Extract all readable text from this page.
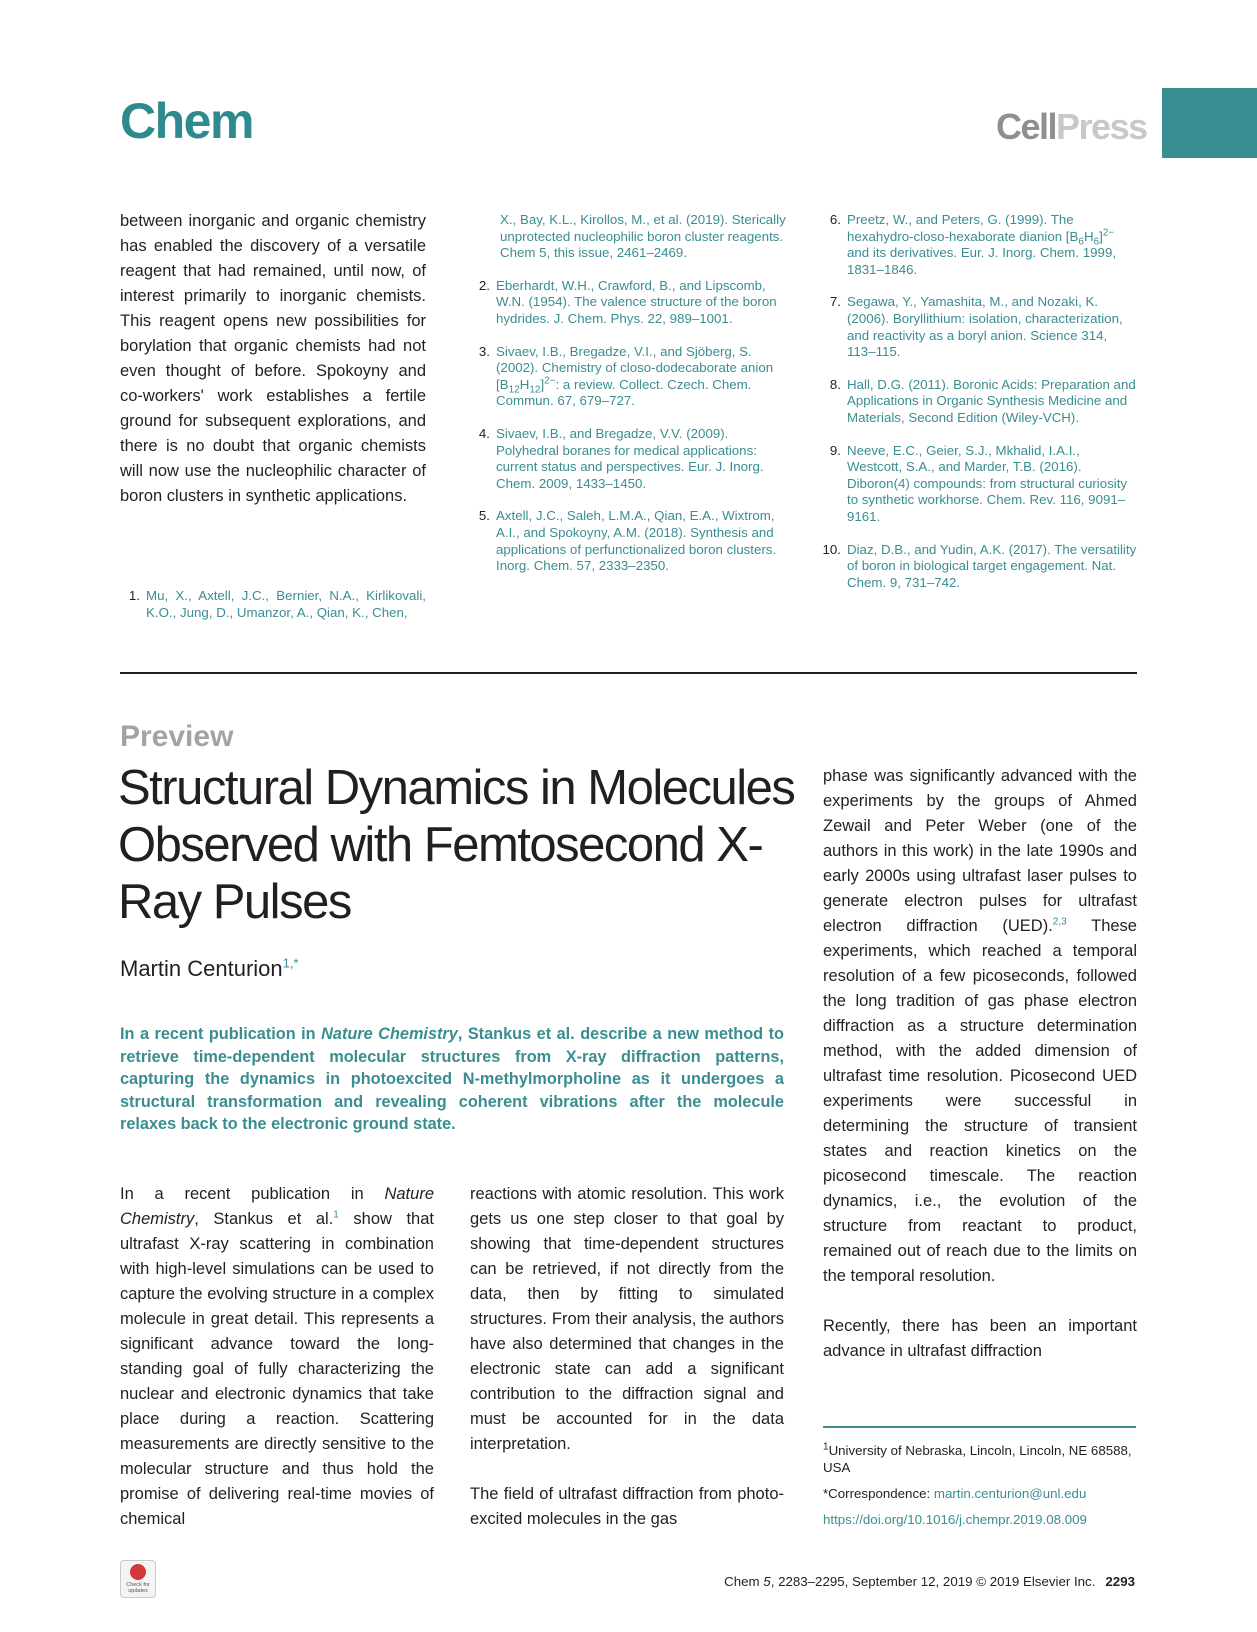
Chem	CellPress
between inorganic and organic chemistry has enabled the discovery of a versatile reagent that had remained, until now, of interest primarily to inorganic chemists. This reagent opens new possibilities for borylation that organic chemists had not even thought of before. Spokoyny and co-workers' work establishes a fertile ground for subsequent explorations, and there is no doubt that organic chemists will now use the nucleophilic character of boron clusters in synthetic applications.
1. Mu, X., Axtell, J.C., Bernier, N.A., Kirlikovali, K.O., Jung, D., Umanzor, A., Qian, K., Chen,
X., Bay, K.L., Kirollos, M., et al. (2019). Sterically unprotected nucleophilic boron cluster reagents. Chem 5, this issue, 2461–2469.
2. Eberhardt, W.H., Crawford, B., and Lipscomb, W.N. (1954). The valence structure of the boron hydrides. J. Chem. Phys. 22, 989–1001.
3. Sivaev, I.B., Bregadze, V.I., and Sjöberg, S. (2002). Chemistry of closo-dodecaborate anion $[B_{12}H_{12}]^{2-}$: a review. Collect. Czech. Chem. Commun. 67, 679–727.
4. Sivaev, I.B., and Bregadze, V.V. (2009). Polyhedral boranes for medical applications: current status and perspectives. Eur. J. Inorg. Chem. 2009, 1433–1450.
5. Axtell, J.C., Saleh, L.M.A., Qian, E.A., Wixtrom, A.I., and Spokoyny, A.M. (2018). Synthesis and applications of perfunctionalized boron clusters. Inorg. Chem. 57, 2333–2350.
6. Preetz, W., and Peters, G. (1999). The hexahydro-closo-hexaborate dianion $[B_6H_6]^{2-}$ and its derivatives. Eur. J. Inorg. Chem. 1999, 1831–1846.
7. Segawa, Y., Yamashita, M., and Nozaki, K. (2006). Boryllithium: isolation, characterization, and reactivity as a boryl anion. Science 314, 113–115.
8. Hall, D.G. (2011). Boronic Acids: Preparation and Applications in Organic Synthesis Medicine and Materials, Second Edition (Wiley-VCH).
9. Neeve, E.C., Geier, S.J., Mkhalid, I.A.I., Westcott, S.A., and Marder, T.B. (2016). Diboron(4) compounds: from structural curiosity to synthetic workhorse. Chem. Rev. 116, 9091–9161.
10. Diaz, D.B., and Yudin, A.K. (2017). The versatility of boron in biological target engagement. Nat. Chem. 9, 731–742.
Preview
Structural Dynamics in Molecules Observed with Femtosecond X-Ray Pulses
Martin Centurion$^{1,*}$
In a recent publication in Nature Chemistry, Stankus et al. describe a new method to retrieve time-dependent molecular structures from X-ray diffraction patterns, capturing the dynamics in photoexcited N-methylmorpholine as it undergoes a structural transformation and revealing coherent vibrations after the molecule relaxes back to the electronic ground state.
In a recent publication in Nature Chemistry, Stankus et al.$^1$ show that ultrafast X-ray scattering in combination with high-level simulations can be used to capture the evolving structure in a complex molecule in great detail. This represents a significant advance toward the long-standing goal of fully characterizing the nuclear and electronic dynamics that take place during a reaction. Scattering measurements are directly sensitive to the molecular structure and thus hold the promise of delivering real-time movies of chemical
reactions with atomic resolution. This work gets us one step closer to that goal by showing that time-dependent structures can be retrieved, if not directly from the data, then by fitting to simulated structures. From their analysis, the authors have also determined that changes in the electronic state can add a significant contribution to the diffraction signal and must be accounted for in the data interpretation.
The field of ultrafast diffraction from photo-excited molecules in the gas
phase was significantly advanced with the experiments by the groups of Ahmed Zewail and Peter Weber (one of the authors in this work) in the late 1990s and early 2000s using ultrafast laser pulses to generate electron pulses for ultrafast electron diffraction (UED).$^{2,3}$ These experiments, which reached a temporal resolution of a few picoseconds, followed the long tradition of gas phase electron diffraction as a structure determination method, with the added dimension of ultrafast time resolution. Picosecond UED experiments were successful in determining the structure of transient states and reaction kinetics on the picosecond timescale. The reaction dynamics, i.e., the evolution of the structure from reactant to product, remained out of reach due to the limits on the temporal resolution.
Recently, there has been an important advance in ultrafast diffraction
$^1$University of Nebraska, Lincoln, Lincoln, NE 68588, USA
*Correspondence: martin.centurion@unl.edu
https://doi.org/10.1016/j.chempr.2019.08.009
Check for updates
Chem 5, 2283–2295, September 12, 2019 © 2019 Elsevier Inc. 2293
